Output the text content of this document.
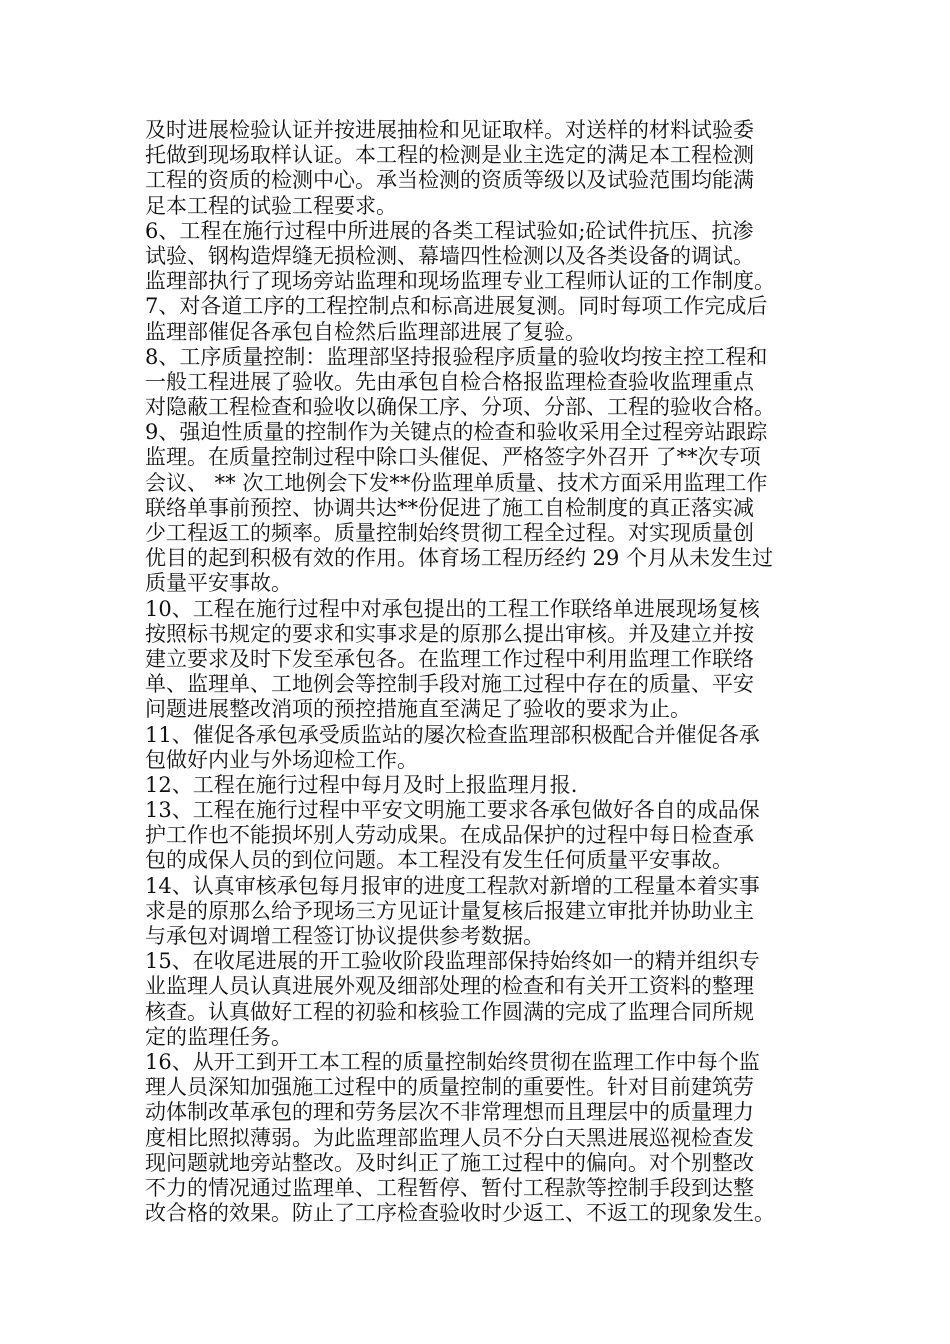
及时进展检验认证并按进展抽检和见证取样。对送样的材料试验委
托做到现场取样认证。本工程的检测是业主选定的满足本工程检测
工程的资质的检测中心。承当检测的资质等级以及试验范围均能满
足本工程的试验工程要求。
6、工程在施行过程中所进展的各类工程试验如;砼试件抗压、抗渗
试验、钢构造焊缝无损检测、幕墙四性检测以及各类设备的调试。
监理部执行了现场旁站监理和现场监理专业工程师认证的工作制度。
7、对各道工序的工程控制点和标高进展复测。同时每项工作完成后
监理部催促各承包自检然后监理部进展了复验。
8、工序质量控制：监理部坚持报验程序质量的验收均按主控工程和
一般工程进展了验收。先由承包自检合格报监理检查验收监理重点
对隐蔽工程检查和验收以确保工序、分项、分部、工程的验收合格。
9、强迫性质量的控制作为关键点的检查和验收采用全过程旁站跟踪
监理。在质量控制过程中除口头催促、严格签字外召开 了**次专项
会议、 ** 次工地例会下发**份监理单质量、技术方面采用监理工作
联络单事前预控、协调共达**份促进了施工自检制度的真正落实减
少工程返工的频率。质量控制始终贯彻工程全过程。对实现质量创
优目的起到积极有效的作用。体育场工程历经约 29 个月从未发生过
质量平安事故。
10、工程在施行过程中对承包提出的工程工作联络单进展现场复核
按照标书规定的要求和实事求是的原那么提出审核。并及建立并按
建立要求及时下发至承包各。在监理工作过程中利用监理工作联络
单、监理单、工地例会等控制手段对施工过程中存在的质量、平安
问题进展整改消项的预控措施直至满足了验收的要求为止。
11、催促各承包承受质监站的屡次检查监理部积极配合并催促各承
包做好内业与外场迎检工作。
12、工程在施行过程中每月及时上报监理月报.
13、工程在施行过程中平安文明施工要求各承包做好各自的成品保
护工作也不能损坏别人劳动成果。在成品保护的过程中每日检查承
包的成保人员的到位问题。本工程没有发生任何质量平安事故。
14、认真审核承包每月报审的进度工程款对新增的工程量本着实事
求是的原那么给予现场三方见证计量复核后报建立审批并协助业主
与承包对调增工程签订协议提供参考数据。
15、在收尾进展的开工验收阶段监理部保持始终如一的精并组织专
业监理人员认真进展外观及细部处理的检查和有关开工资料的整理
核查。认真做好工程的初验和核验工作圆满的完成了监理合同所规
定的监理任务。
16、从开工到开工本工程的质量控制始终贯彻在监理工作中每个监
理人员深知加强施工过程中的质量控制的重要性。针对目前建筑劳
动体制改革承包的理和劳务层次不非常理想而且理层中的质量理力
度相比照拟薄弱。为此监理部监理人员不分白天黑进展巡视检查发
现问题就地旁站整改。及时纠正了施工过程中的偏向。对个别整改
不力的情况通过监理单、工程暂停、暂付工程款等控制手段到达整
改合格的效果。防止了工序检查验收时少返工、不返工的现象发生。
